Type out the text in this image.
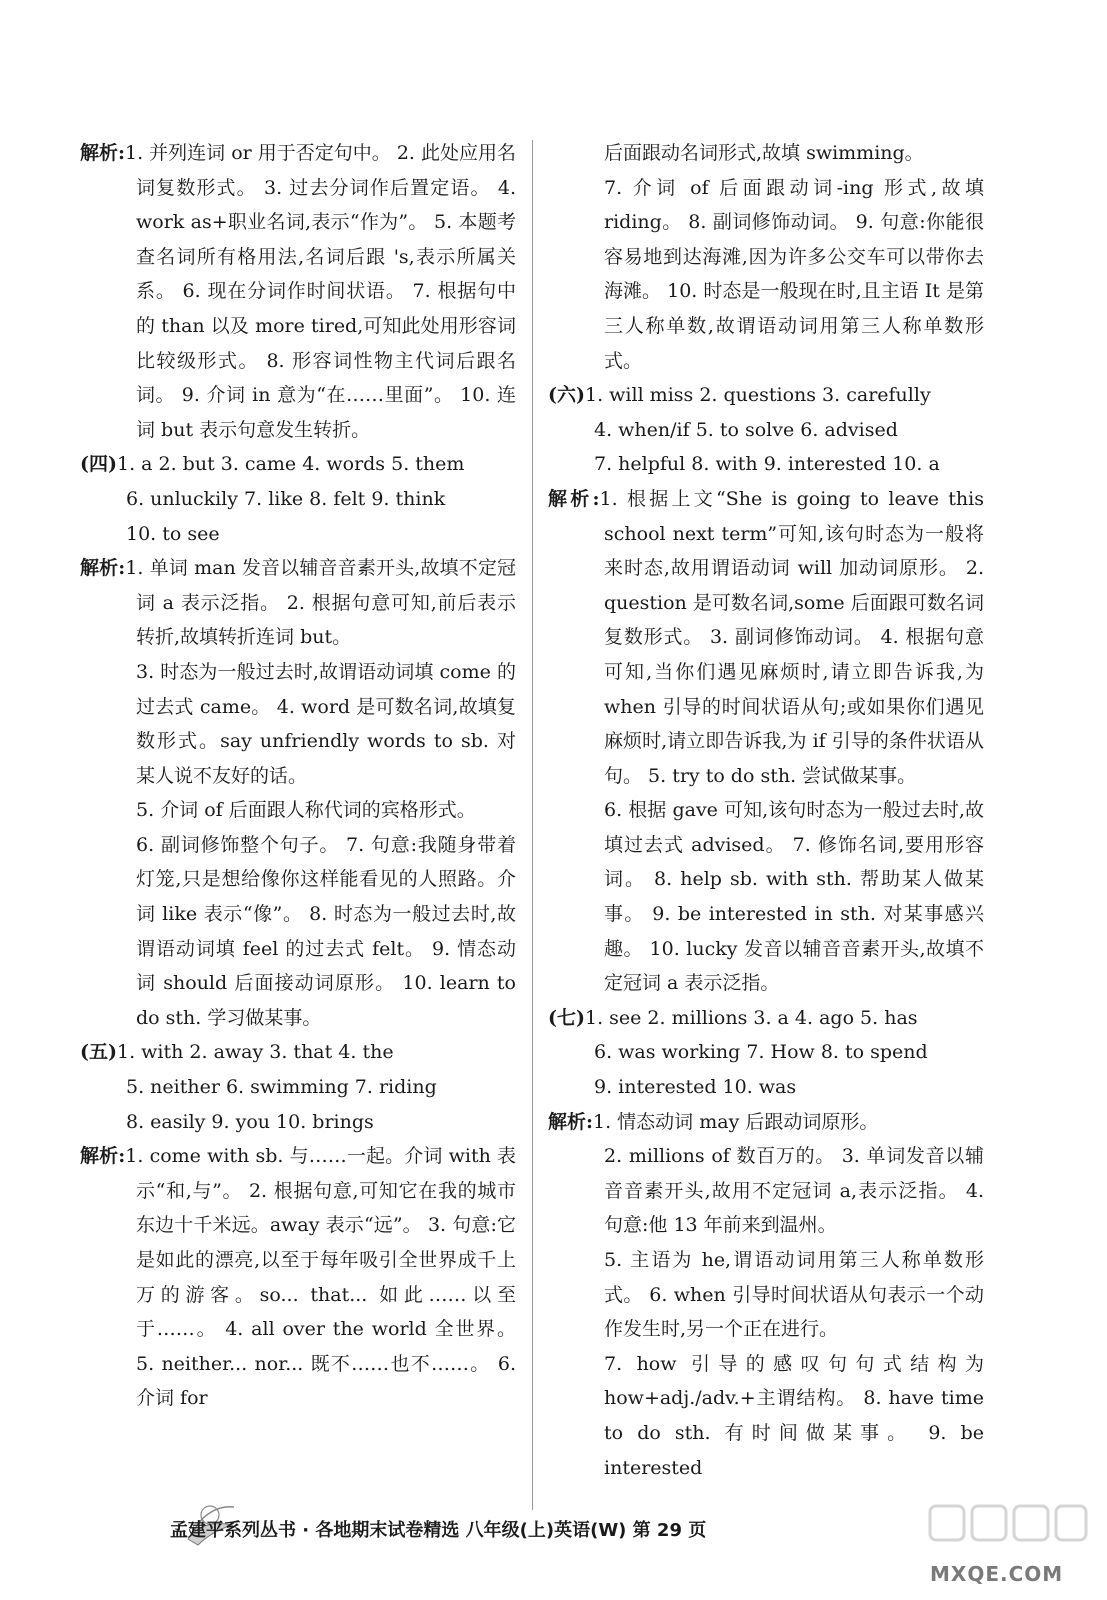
解析:1. 并列连词 or 用于否定句中。 2. 此处应用名词复数形式。 3. 过去分词作后置定语。 4. work as+职业名词,表示“作为”。 5. 本题考查名词所有格用法,名词后跟 's,表示所属关系。 6. 现在分词作时间状语。 7. 根据句中的 than 以及 more tired,可知此处用形容词比较级形式。 8. 形容词性物主代词后跟名词。 9. 介词 in 意为“在……里面”。 10. 连词 but 表示句意发生转折。

(四)1. a 2. but 3. came 4. words 5. them

6. unluckily 7. like 8. felt 9. think

10. to see

解析:1. 单词 man 发音以辅音音素开头,故填不定冠词 a 表示泛指。 2. 根据句意可知,前后表示转折,故填转折连词 but。

3. 时态为一般过去时,故谓语动词填 come 的过去式 came。 4. word 是可数名词,故填复数形式。say unfriendly words to sb. 对某人说不友好的话。

5. 介词 of 后面跟人称代词的宾格形式。

6. 副词修饰整个句子。 7. 句意:我随身带着灯笼,只是想给像你这样能看见的人照路。介词 like 表示“像”。 8. 时态为一般过去时,故谓语动词填 feel 的过去式 felt。 9. 情态动词 should 后面接动词原形。 10. learn to do sth. 学习做某事。

(五)1. with 2. away 3. that 4. the

5. neither 6. swimming 7. riding

8. easily 9. you 10. brings

解析:1. come with sb. 与……一起。介词 with 表示“和,与”。 2. 根据句意,可知它在我的城市东边十千米远。away 表示“远”。 3. 句意:它是如此的漂亮,以至于每年吸引全世界成千上万的游客。so... that... 如此……以至于……。 4. all over the world 全世界。 5. neither... nor... 既不……也不……。 6. 介词 for

后面跟动名词形式,故填 swimming。

7. 介词 of 后面跟动词-ing 形式,故填 riding。 8. 副词修饰动词。 9. 句意:你能很容易地到达海滩,因为许多公交车可以带你去海滩。 10. 时态是一般现在时,且主语 It 是第三人称单数,故谓语动词用第三人称单数形式。

(六)1. will miss 2. questions 3. carefully

4. when/if 5. to solve 6. advised

7. helpful 8. with 9. interested 10. a

解析:1. 根据上文“She is going to leave this school next term”可知,该句时态为一般将来时态,故用谓语动词 will 加动词原形。 2. question 是可数名词,some 后面跟可数名词复数形式。 3. 副词修饰动词。 4. 根据句意可知,当你们遇见麻烦时,请立即告诉我,为 when 引导的时间状语从句;或如果你们遇见麻烦时,请立即告诉我,为 if 引导的条件状语从句。 5. try to do sth. 尝试做某事。

6. 根据 gave 可知,该句时态为一般过去时,故填过去式 advised。 7. 修饰名词,要用形容词。 8. help sb. with sth. 帮助某人做某事。 9. be interested in sth. 对某事感兴趣。 10. lucky 发音以辅音音素开头,故填不定冠词 a 表示泛指。

(七)1. see 2. millions 3. a 4. ago 5. has

6. was working 7. How 8. to spend

9. interested 10. was

解析:1. 情态动词 may 后跟动词原形。

2. millions of 数百万的。 3. 单词发音以辅音音素开头,故用不定冠词 a,表示泛指。 4. 句意:他 13 年前来到温州。

5. 主语为 he,谓语动词用第三人称单数形式。 6. when 引导时间状语从句表示一个动作发生时,另一个正在进行。

7. how 引导的感叹句句式结构为 how+adj./adv.+主谓结构。 8. have time to do sth. 有时间做某事。 9. be interested

孟建平系列丛书 · 各地期末试卷精选 八年级(上)英语(W) 第 29 页
MXQE.COM
